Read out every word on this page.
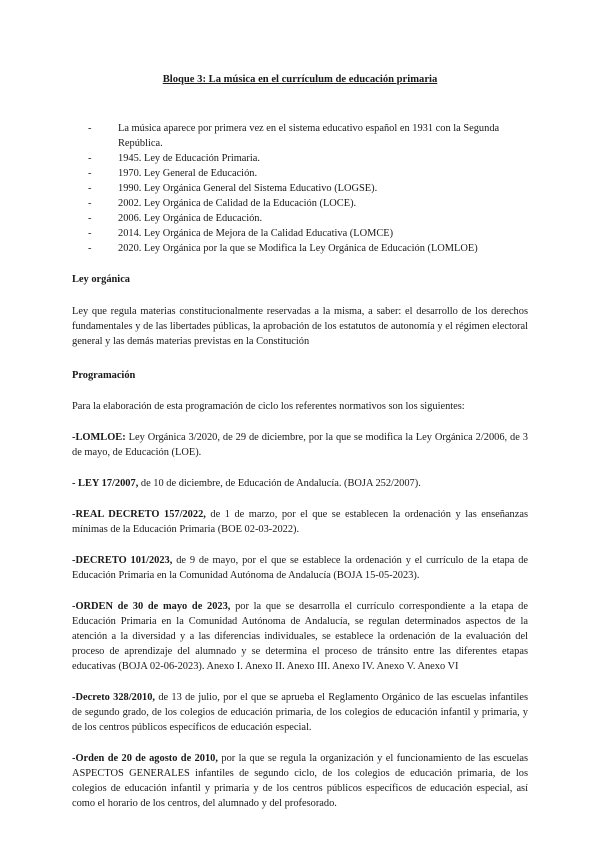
Bloque 3: La música en el currículum de educación primaria

-	La música aparece por primera vez en el sistema educativo español en 1931 con la Segunda República.
-	1945. Ley de Educación Primaria.
-	1970. Ley General de Educación.
-	1990. Ley Orgánica General del Sistema Educativo (LOGSE).
-	2002. Ley Orgánica de Calidad de la Educación (LOCE).
-	2006. Ley Orgánica de Educación.
-	2014. Ley Orgánica de Mejora de la Calidad Educativa (LOMCE)
-	2020. Ley Orgánica por la que se Modifica la Ley Orgánica de Educación (LOMLOE)

Ley orgánica

Ley que regula materias constitucionalmente reservadas a la misma, a saber: el desarrollo de los derechos fundamentales y de las libertades públicas, la aprobación de los estatutos de autonomía y el régimen electoral general y las demás materias previstas en la Constitución

Programación

Para la elaboración de esta programación de ciclo los referentes normativos son los siguientes:

-LOMLOE: Ley Orgánica 3/2020, de 29 de diciembre, por la que se modifica la Ley Orgánica 2/2006, de 3 de mayo, de Educación (LOE).

- LEY 17/2007, de 10 de diciembre, de Educación de Andalucía. (BOJA 252/2007).

-REAL DECRETO 157/2022, de 1 de marzo, por el que se establecen la ordenación y las enseñanzas mínimas de la Educación Primaria (BOE 02-03-2022).

-DECRETO 101/2023, de 9 de mayo, por el que se establece la ordenación y el currículo de la etapa de Educación Primaria en la Comunidad Autónoma de Andalucía (BOJA 15-05-2023).

-ORDEN de 30 de mayo de 2023, por la que se desarrolla el currículo correspondiente a la etapa de Educación Primaria en la Comunidad Autónoma de Andalucía, se regulan determinados aspectos de la atención a la diversidad y a las diferencias individuales, se establece la ordenación de la evaluación del proceso de aprendizaje del alumnado y se determina el proceso de tránsito entre las diferentes etapas educativas (BOJA 02-06-2023). Anexo I. Anexo II. Anexo III. Anexo IV. Anexo V. Anexo VI

-Decreto 328/2010, de 13 de julio, por el que se aprueba el Reglamento Orgánico de las escuelas infantiles de segundo grado, de los colegios de educación primaria, de los colegios de educación infantil y primaria, y de los centros públicos específicos de educación especial.

-Orden de 20 de agosto de 2010, por la que se regula la organización y el funcionamiento de las escuelas ASPECTOS GENERALES infantiles de segundo ciclo, de los colegios de educación primaria, de los colegios de educación infantil y primaria y de los centros públicos específicos de educación especial, así como el horario de los centros, del alumnado y del profesorado.
